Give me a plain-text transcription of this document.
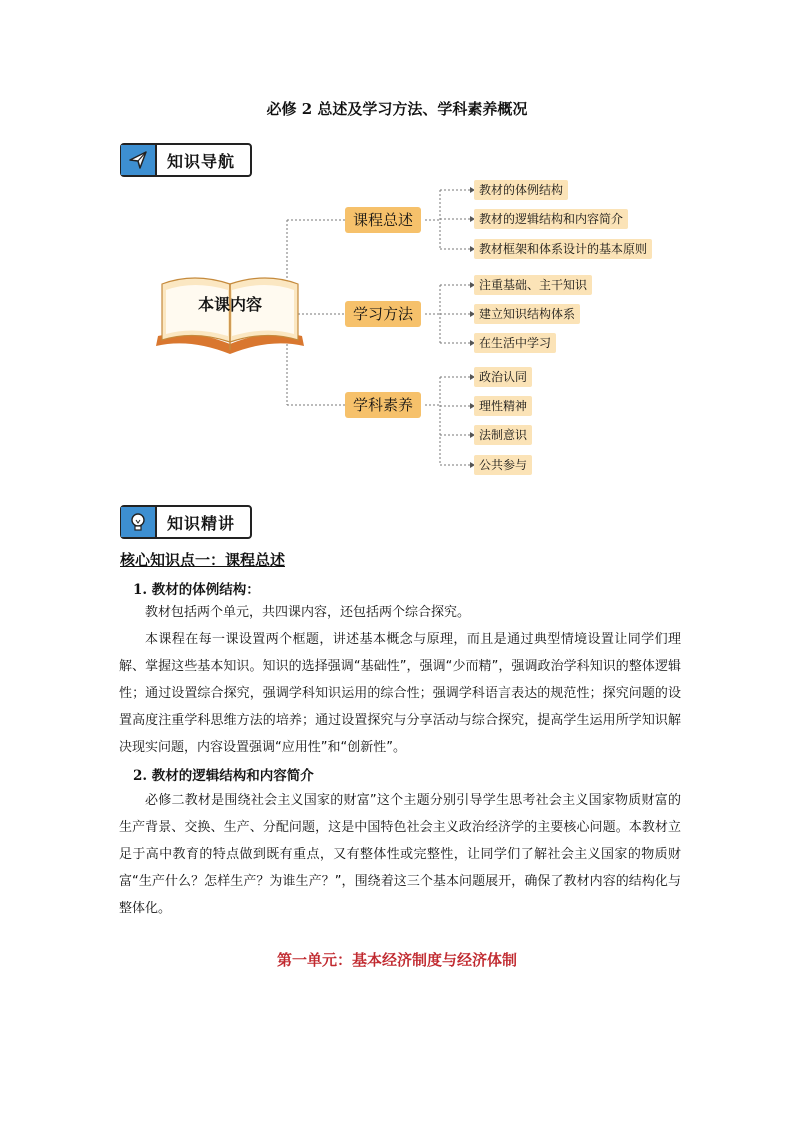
必修 2 总述及学习方法、学科素养概况
知识导航
本课内容
课程总述
学习方法
学科素养
教材的体例结构
教材的逻辑结构和内容简介
教材框架和体系设计的基本原则
注重基础、主干知识
建立知识结构体系
在生活中学习
政治认同
理性精神
法制意识
公共参与
知识精讲
核心知识点一：课程总述
1. 教材的体例结构：

教材包括两个单元，共四课内容，还包括两个综合探究。

本课程在每一课设置两个框题，讲述基本概念与原理，而且是通过典型情境设置让同学们理解、掌握这些基本知识。知识的选择强调“基础性”，强调“少而精”，强调政治学科知识的整体逻辑性；通过设置综合探究，强调学科知识运用的综合性；强调学科语言表达的规范性；探究问题的设置高度注重学科思维方法的培养；通过设置探究与分享活动与综合探究，提高学生运用所学知识解决现实问题，内容设置强调“应用性”和“创新性”。

2. 教材的逻辑结构和内容简介

必修二教材是围绕社会主义国家的财富”这个主题分别引导学生思考社会主义国家物质财富的生产背景、交换、生产、分配问题，这是中国特色社会主义政治经济学的主要核心问题。本教材立足于高中教育的特点做到既有重点，又有整体性或完整性，让同学们了解社会主义国家的物质财富“生产什么？怎样生产？为谁生产？”，围绕着这三个基本问题展开，确保了教材内容的结构化与整体化。

第一单元：基本经济制度与经济体制
